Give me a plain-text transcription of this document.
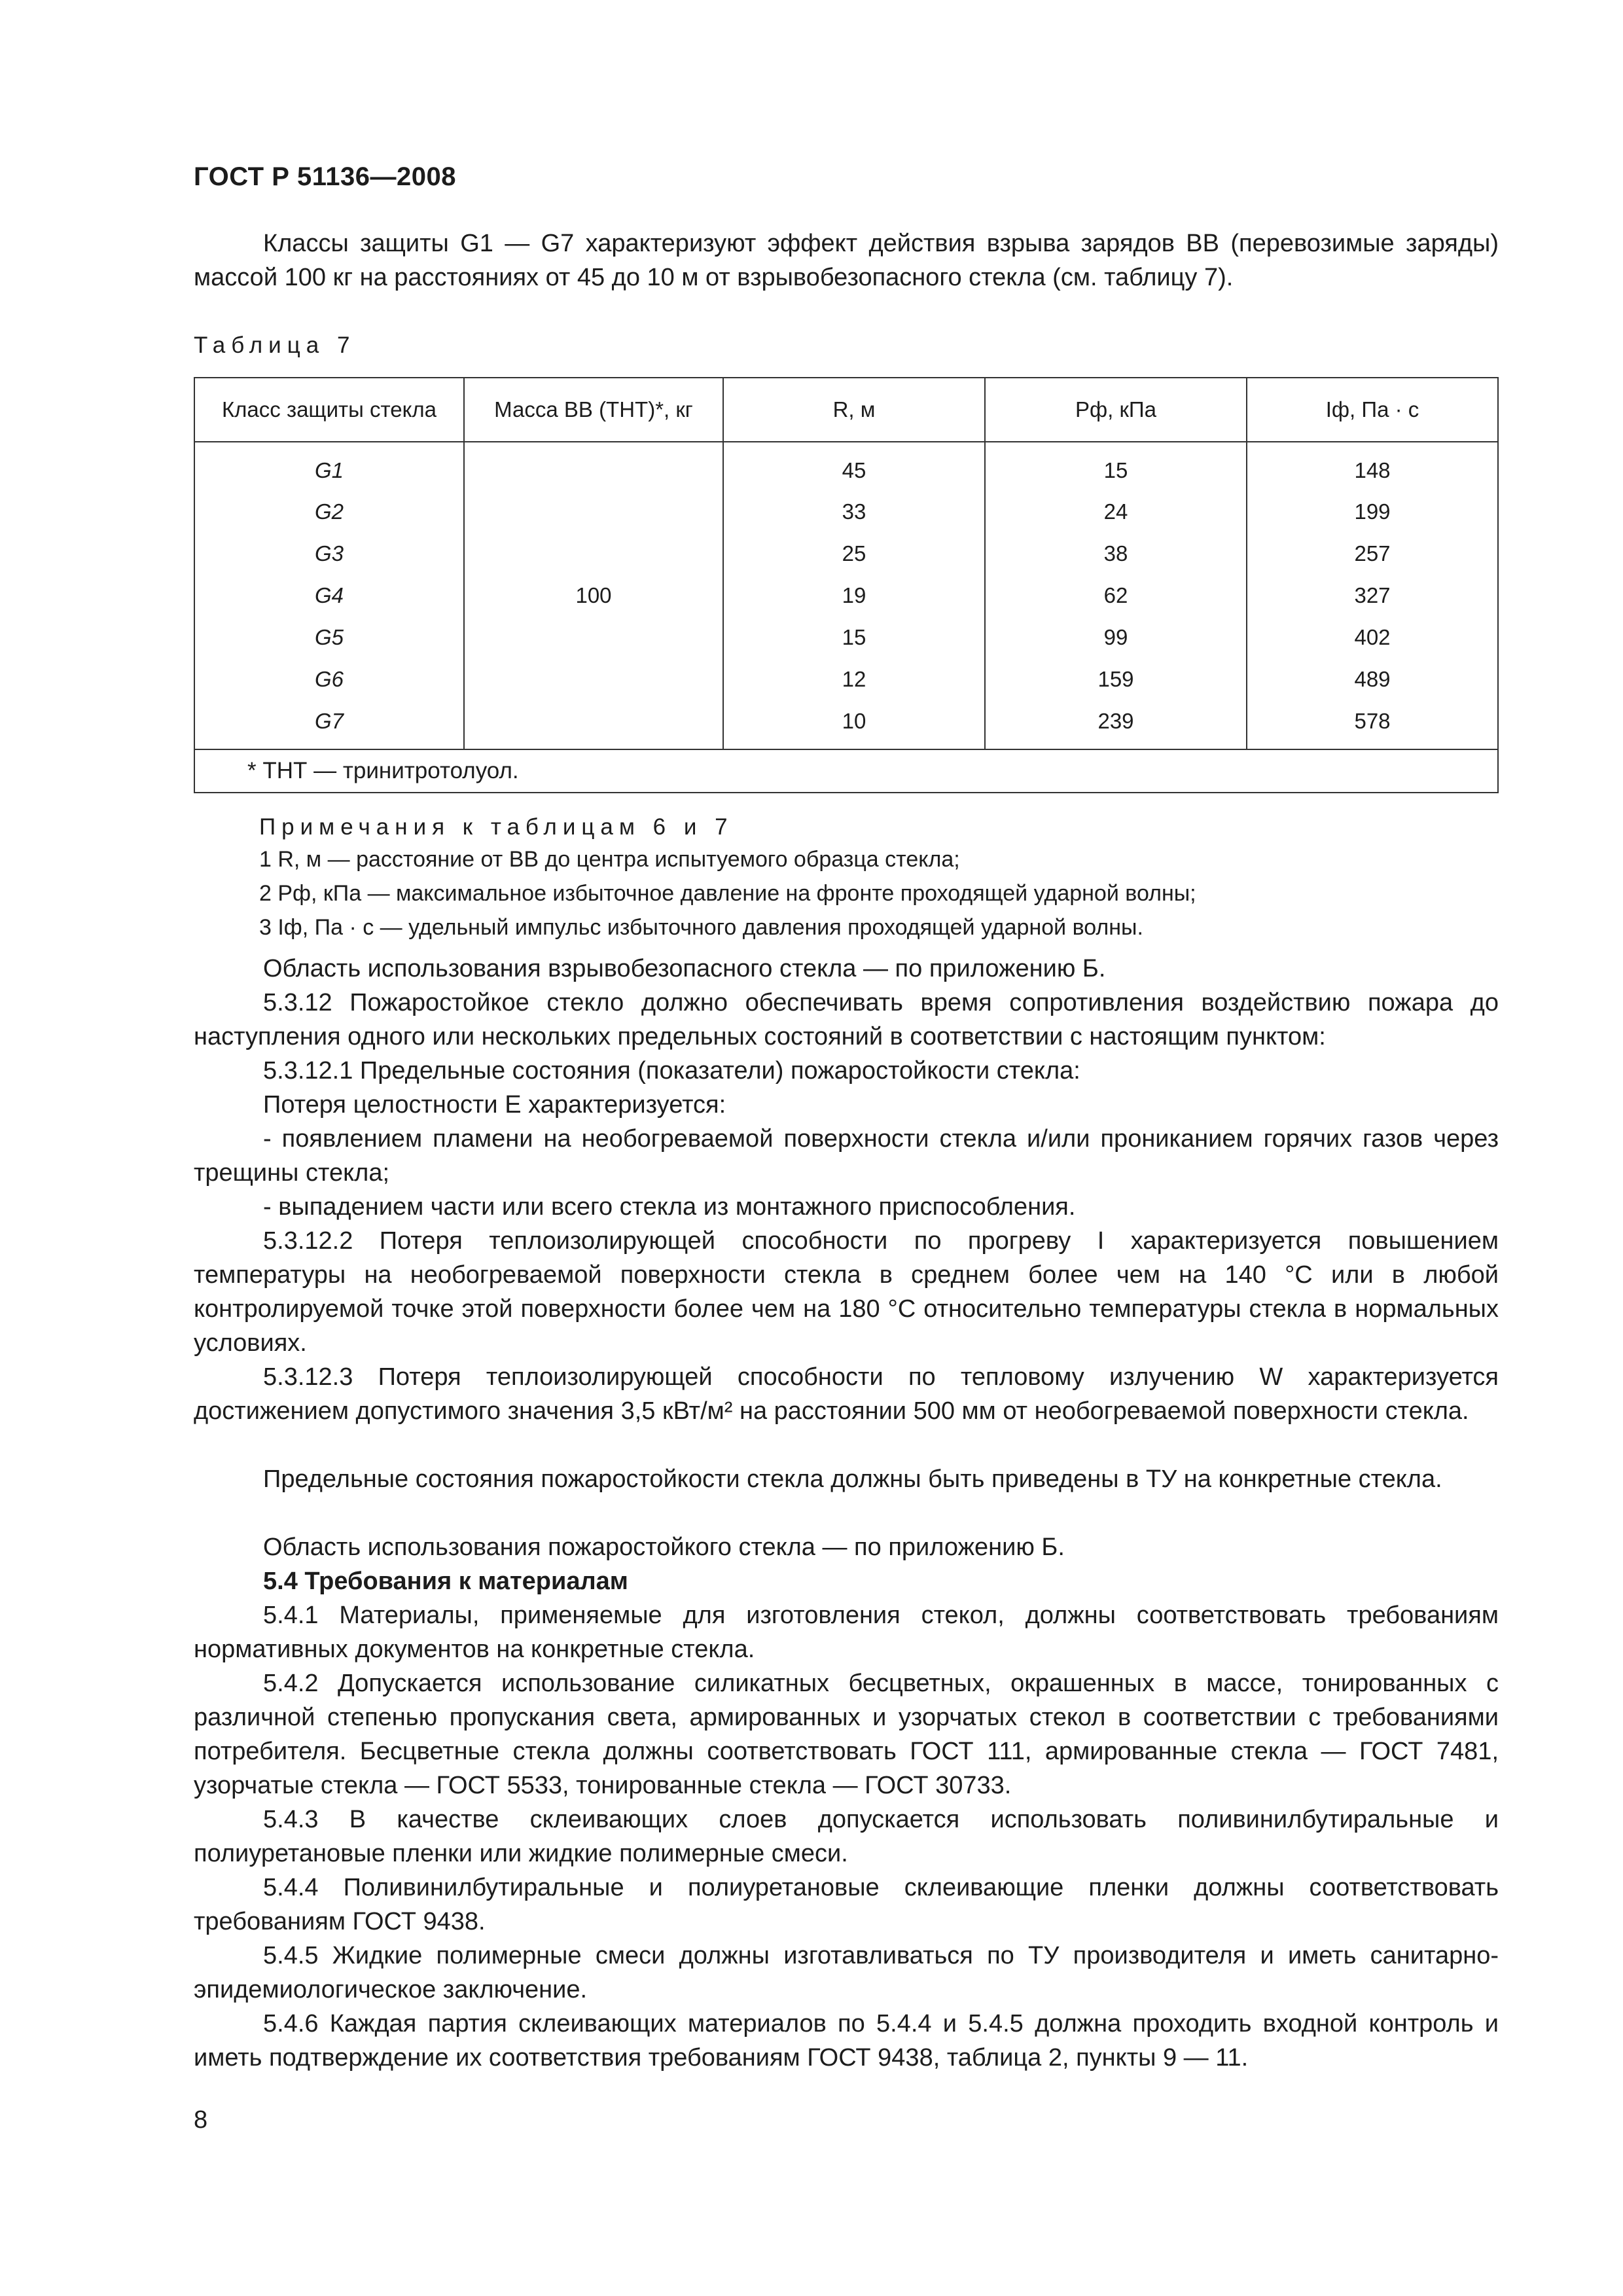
ГОСТ Р 51136—2008
Классы защиты G1 — G7 характеризуют эффект действия взрыва зарядов ВВ (перевозимые заряды) массой 100 кг на расстояниях от 45 до 10 м от взрывобезопасного стекла (см. таблицу 7).
Таблица 7
Класс защиты стекла	Масса ВВ (ТНТ)*, кг	R, м	Pф, кПа	Iф, Па · с
G1	100	45	15	148
G2		33	24	199
G3		25	38	257
G4		19	62	327
G5		15	99	402
G6		12	159	489
G7		10	239	578
* ТНТ — тринитротолуол.				
Примечания к таблицам 6 и 7
1 R, м — расстояние от ВВ до центра испытуемого образца стекла;
2 Pф, кПа — максимальное избыточное давление на фронте проходящей ударной волны;
3 Iф, Па · с — удельный импульс избыточного давления проходящей ударной волны.
Область использования взрывобезопасного стекла — по приложению Б.
5.3.12 Пожаростойкое стекло должно обеспечивать время сопротивления воздействию пожара до наступления одного или нескольких предельных состояний в соответствии с настоящим пунктом:
5.3.12.1 Предельные состояния (показатели) пожаростойкости стекла:
Потеря целостности E характеризуется:
- появлением пламени на необогреваемой поверхности стекла и/или прониканием горячих газов через трещины стекла;
- выпадением части или всего стекла из монтажного приспособления.
5.3.12.2 Потеря теплоизолирующей способности по прогреву I характеризуется повышением температуры на необогреваемой поверхности стекла в среднем более чем на 140 °С или в любой контролируемой точке этой поверхности более чем на 180 °С относительно температуры стекла в нормальных условиях.
5.3.12.3 Потеря теплоизолирующей способности по тепловому излучению W характеризуется достижением допустимого значения 3,5 кВт/м² на расстоянии 500 мм от необогреваемой поверхности стекла.
Предельные состояния пожаростойкости стекла должны быть приведены в ТУ на конкретные стекла.
Область использования пожаростойкого стекла — по приложению Б.
5.4 Требования к материалам
5.4.1 Материалы, применяемые для изготовления стекол, должны соответствовать требованиям нормативных документов на конкретные стекла.
5.4.2 Допускается использование силикатных бесцветных, окрашенных в массе, тонированных с различной степенью пропускания света, армированных и узорчатых стекол в соответствии с требованиями потребителя. Бесцветные стекла должны соответствовать ГОСТ 111, армированные стекла — ГОСТ 7481, узорчатые стекла — ГОСТ 5533, тонированные стекла — ГОСТ 30733.
5.4.3 В качестве склеивающих слоев допускается использовать поливинилбутиральные и полиуретановые пленки или жидкие полимерные смеси.
5.4.4 Поливинилбутиральные и полиуретановые склеивающие пленки должны соответствовать требованиям ГОСТ 9438.
5.4.5 Жидкие полимерные смеси должны изготавливаться по ТУ производителя и иметь санитарно-эпидемиологическое заключение.
5.4.6 Каждая партия склеивающих материалов по 5.4.4 и 5.4.5 должна проходить входной контроль и иметь подтверждение их соответствия требованиям ГОСТ 9438, таблица 2, пункты 9 — 11.
8
